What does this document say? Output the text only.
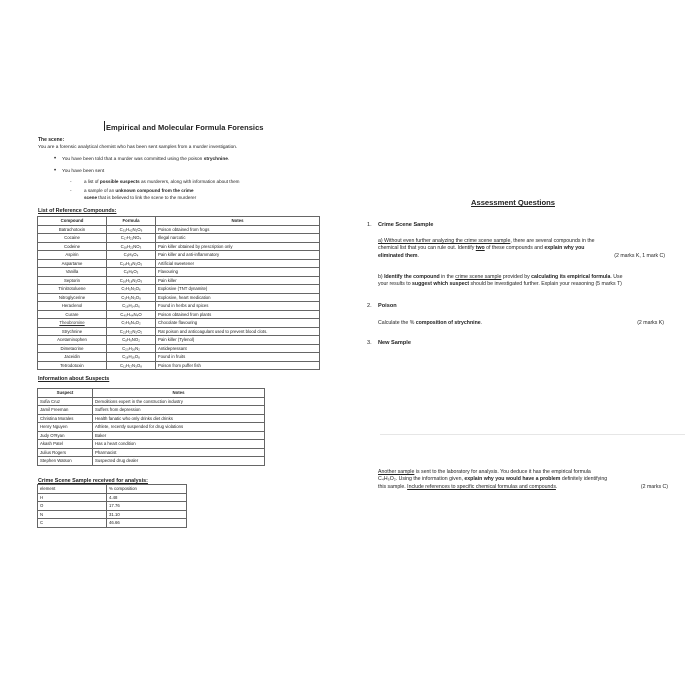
Empirical and Molecular Formula Forensics
The scene:
You are a forensic analytical chemist who has been sent samples from a murder investigation.
• You have been told that a murder was committed using the poison strychnine.
• You have been sent
-	a list of possible suspects as murderers, along with information about them
-	a sample of an unknown compound from the crime scene that is believed to link the scene to the murderer
List of Reference Compounds:
Compound	Formula	Notes
Batrachotoxin	C₃₁H₄₂N₂O₆	Poison obtained from frogs
Cocaine	C₁₇H₂₁NO₄	Illegal narcotic
Codeine	C₁₈H₂₁NO₃	Pain killer obtained by prescription only
Aspirin	C₉H₈O₄	Pain killer and anti-inflammatory
Aspartame	C₁₄H₁₈N₂O₅	Artificial sweetener
Vanilla	C₈H₈O₃	Flavouring
Septorin	C₁₆H₁₈N₂O₅	Pain killer
Trinitrotoluene	C₇H₅N₃O₆	Explosive (TNT dynamite)
Nitroglycerine	C₃H₅N₃O₉	Explosive, heart medication
Heraclenol	C₁₆H₁₄O₆	Found in herbs and spices
Curare	C₄₀H₄₄N₄O	Poison obtained from plants
Theobromine	C₇H₈N₄O₂	Chocolate flavouring
Strychnine	C₂₁H₂₂N₂O₂	Rat poison and anticoagulant used to prevent blood clots.
Acetaminophen	C₈H₉NO₂	Pain killer (Tylenol)
Dimetacrine	C₂₀H₂₆N₂	Antidepressant
Jaceidin	C₁₈H₁₆O₈	Found in fruits
Tetrodotoxin	C₁₁H₁₇N₃O₈	Poison from puffer fish
Information about Suspects
Suspect	Notes
Sofia Cruz	Demolitions expert in the construction industry
Jamil Freeman	Suffers from depression
Christina Morales	Health fanatic who only drinks diet drinks
Henry Nguyen	Athlete, recently suspended for drug violations
Judy O'Ryan	Baker
Akash Patel	Has a heart condition
Julius Rogers	Pharmacist
Stephen Watson	Suspected drug dealer
Crime Scene Sample received for analysis:
element	% composition
H	4.48
O	17.76
N	31.10
C	46.66
Assessment Questions
1. Crime Scene Sample
a) Without even further analyzing the crime scene sample, there are several compounds in the
chemical list that you can rule out. Identify two of these compounds and explain why you
eliminated them.	(2 marks K, 1 mark C)
b) Identify the compound in the crime scene sample provided by calculating its empirical formula. Use
your results to suggest which suspect should be investigated further. Explain your reasoning (5 marks T)
2. Poison
Calculate the % composition of strychnine.	(2 marks K)
3. New Sample
Another sample is sent to the laboratory for analysis. You deduce it has the empirical formula
C₄H₅O₂. Using the information given, explain why you would have a problem definitely identifying
this sample. Include references to specific chemical formulas and compounds.	(2 marks C)
